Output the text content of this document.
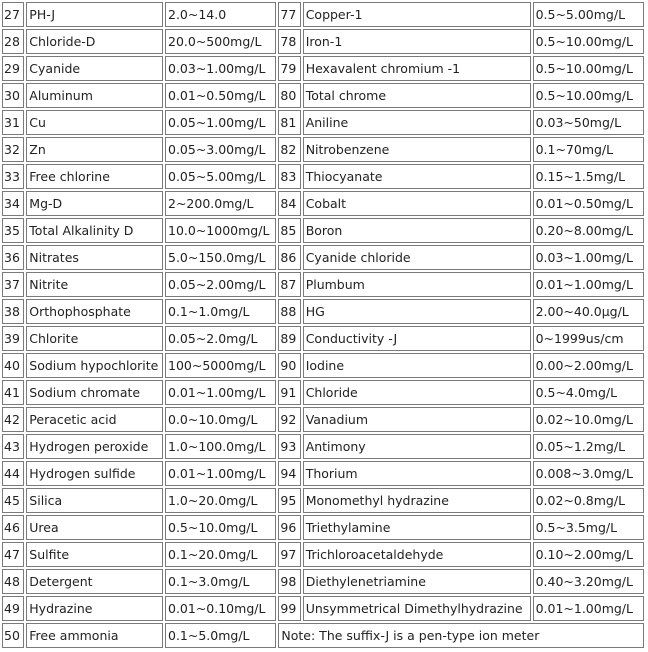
27	PH-J	2.0~14.0	77	Copper-1	0.5~5.00mg/L
28	Chloride-D	20.0~500mg/L	78	Iron-1	0.5~10.00mg/L
29	Cyanide	0.03~1.00mg/L	79	Hexavalent chromium -1	0.5~10.00mg/L
30	Aluminum	0.01~0.50mg/L	80	Total chrome	0.5~10.00mg/L
31	Cu	0.05~1.00mg/L	81	Aniline	0.03~50mg/L
32	Zn	0.05~3.00mg/L	82	Nitrobenzene	0.1~70mg/L
33	Free chlorine	0.05~5.00mg/L	83	Thiocyanate	0.15~1.5mg/L
34	Mg-D	2~200.0mg/L	84	Cobalt	0.01~0.50mg/L
35	Total Alkalinity D	10.0~1000mg/L	85	Boron	0.20~8.00mg/L
36	Nitrates	5.0~150.0mg/L	86	Cyanide chloride	0.03~1.00mg/L
37	Nitrite	0.05~2.00mg/L	87	Plumbum	0.01~1.00mg/L
38	Orthophosphate	0.1~1.0mg/L	88	HG	2.00~40.0μg/L
39	Chlorite	0.05~2.0mg/L	89	Conductivity -J	0~1999us/cm
40	Sodium hypochlorite	100~5000mg/L	90	Iodine	0.00~2.00mg/L
41	Sodium chromate	0.01~1.00mg/L	91	Chloride	0.5~4.0mg/L
42	Peracetic acid	0.0~10.0mg/L	92	Vanadium	0.02~10.0mg/L
43	Hydrogen peroxide	1.0~100.0mg/L	93	Antimony	0.05~1.2mg/L
44	Hydrogen sulfide	0.01~1.00mg/L	94	Thorium	0.008~3.0mg/L
45	Silica	1.0~20.0mg/L	95	Monomethyl hydrazine	0.02~0.8mg/L
46	Urea	0.5~10.0mg/L	96	Triethylamine	0.5~3.5mg/L
47	Sulfite	0.1~20.0mg/L	97	Trichloroacetaldehyde	0.10~2.00mg/L
48	Detergent	0.1~3.0mg/L	98	Diethylenetriamine	0.40~3.20mg/L
49	Hydrazine	0.01~0.10mg/L	99	Unsymmetrical Dimethylhydrazine	0.01~1.00mg/L
50	Free ammonia	0.1~5.0mg/L	Note: The suffix-J is a pen-type ion meter		
